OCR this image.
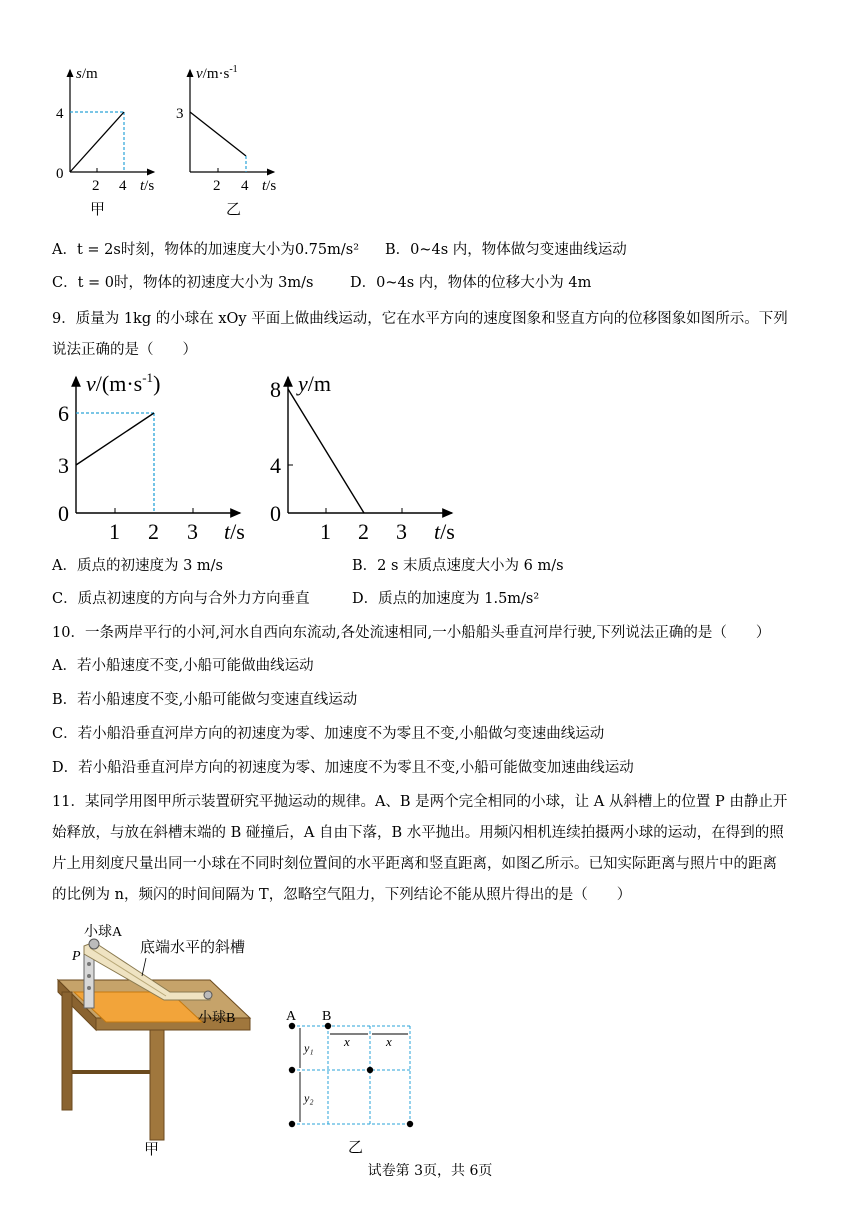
s/m
4
0
2 4 t/s
甲
$v/m\cdot s^{-1}$
3
2 4 t/s
乙
A．t = 2s时刻，物体的加速度大小为0.75m/s² B．0~4s 内，物体做匀变速曲线运动
C．t = 0时，物体的初速度大小为 3m/s	D．0~4s 内，物体的位移大小为 4m
9．质量为 1kg 的小球在 xOy 平面上做曲线运动，它在水平方向的速度图象和竖直方向的位移图象如图所示。下列
说法正确的是（　　）
$v/(m\cdot s^{-1})$
6
3
0
1 2 3 t/s
y/m
8
4
0
1 2 3 t/s
A．质点的初速度为 3 m/s	B．2 s 末质点速度大小为 6 m/s
C．质点初速度的方向与合外力方向垂直	D．质点的加速度为 1.5m/s²
10．一条两岸平行的小河,河水自西向东流动,各处流速相同,一小船船头垂直河岸行驶,下列说法正确的是（　　）
A．若小船速度不变,小船可能做曲线运动
B．若小船速度不变,小船可能做匀变速直线运动
C．若小船沿垂直河岸方向的初速度为零、加速度不为零且不变,小船做匀变速曲线运动
D．若小船沿垂直河岸方向的初速度为零、加速度不为零且不变,小船可能做变加速曲线运动
11．某同学用图甲所示装置研究平抛运动的规律。A、B 是两个完全相同的小球，让 A 从斜槽上的位置 P 由静止开
始释放，与放在斜槽末端的 B 碰撞后，A 自由下落，B 水平抛出。用频闪相机连续拍摄两小球的运动，在得到的照
片上用刻度尺量出同一小球在不同时刻位置间的水平距离和竖直距离，如图乙所示。已知实际距离与照片中的距离
的比例为 n，频闪的时间间隔为 T，忽略空气阻力，下列结论不能从照片得出的是（　　）
小球A
P
底端水平的斜槽
小球B
甲
A B
y₁
y₂
x	x
乙
试卷第 3页，共 6页
